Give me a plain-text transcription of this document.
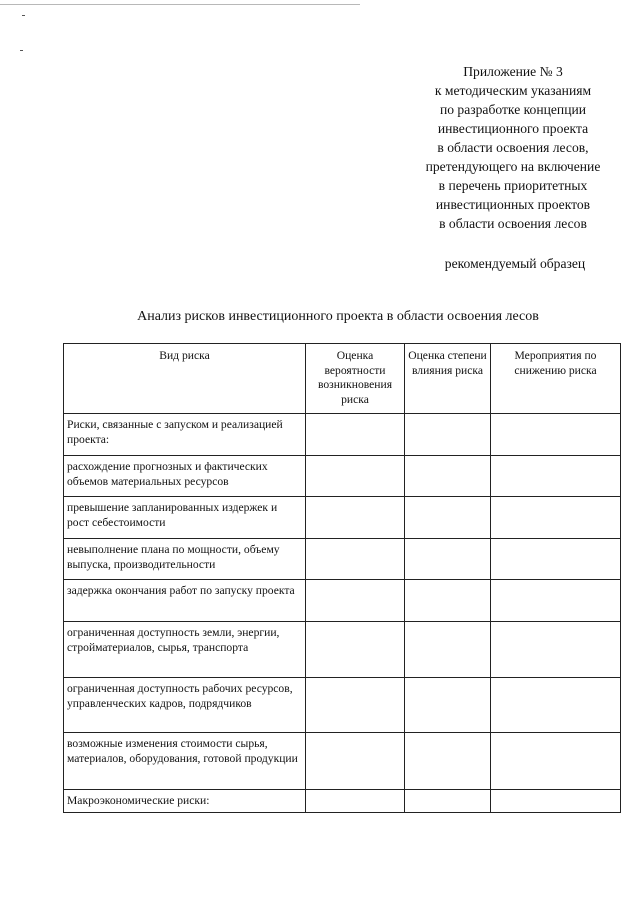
Приложение № 3
к методическим указаниям
по разработке концепции
инвестиционного проекта
в области освоения лесов,
претендующего на включение
в перечень приоритетных
инвестиционных проектов
в области освоения лесов
рекомендуемый образец
Анализ рисков инвестиционного проекта в области освоения лесов
Вид риска	Оценка вероятности возникновения риска	Оценка степени влияния риска	Мероприятия по снижению риска
Риски, связанные с запуском и реализацией проекта:			
расхождение прогнозных и фактических объемов материальных ресурсов			
превышение запланированных издержек и рост себестоимости			
невыполнение плана по мощности, объему выпуска, производительности			
задержка окончания работ по запуску проекта			
ограниченная доступность земли, энергии, стройматериалов, сырья, транспорта			
ограниченная доступность рабочих ресурсов, управленческих кадров, подрядчиков			
возможные изменения стоимости сырья, материалов, оборудования, готовой продукции			
Макроэкономические риски:			
